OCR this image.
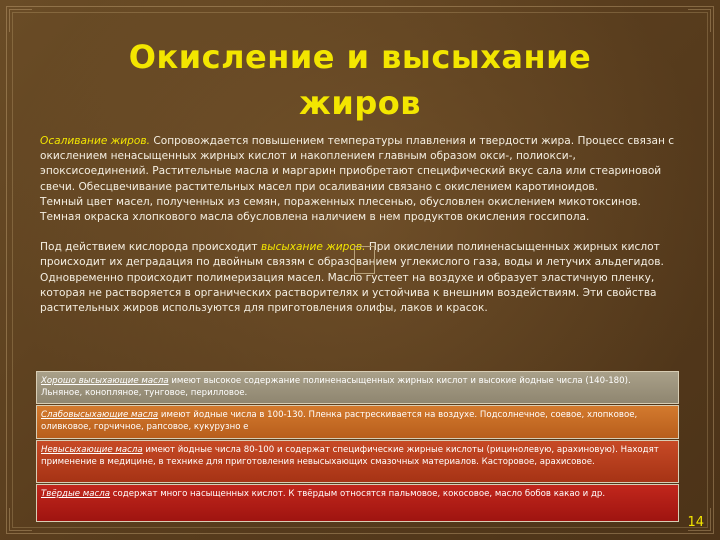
Окисление и высыхание
жиров

Осаливание жиров. Сопровождается повышением температуры плавления и твердости жира. Процесс связан с окислением ненасыщенных жирных кислот и накоплением главным образом окси-, полиокси-, эпоксисоединений. Растительные масла и маргарин приобретают специфический вкус сала или стеариновой свечи. Обесцвечивание растительных масел при осаливании связано с окислением каротиноидов.

Темный цвет масел, полученных из семян, пораженных плесенью, обусловлен окислением микотоксинов. Темная окраска хлопкового масла обусловлена наличием в нем продуктов окисления госсипола.

Под действием кислорода происходит высыхание жиров. При окислении полиненасыщенных жирных кислот происходит их деградация по двойным связям с образованием углекислого газа, воды и летучих альдегидов. Одновременно происходит полимеризация масел. Масло густеет на воздухе и образует эластичную пленку, которая не растворяется в органических растворителях и устойчива к внешним воздействиям. Эти свойства растительных жиров используются для приготовления олифы, лаков и красок.

Хорошо высыхающие масла имеют высокое содержание полиненасыщенных жирных кислот и высокие йодные числа (140-180). Льняное, конопляное, тунговое, перилловое.
Слабовысыхающие масла имеют йодные числа в 100-130. Пленка растрескивается на воздухе. Подсолнечное, соевое, хлопковое, оливковое, горчичное, рапсовое, кукурузно е
Невысыхающие масла имеют йодные числа 80-100 и содержат специфические жирные кислоты (рицинолевую, арахиновую). Находят применение в медицине, в технике для приготовления невысыхающих смазочных материалов. Касторовое, арахисовое.
Твёрдые масла содержат много насыщенных кислот. К твёрдым относятся пальмовое, кокосовое, масло бобов какао и др.
14
